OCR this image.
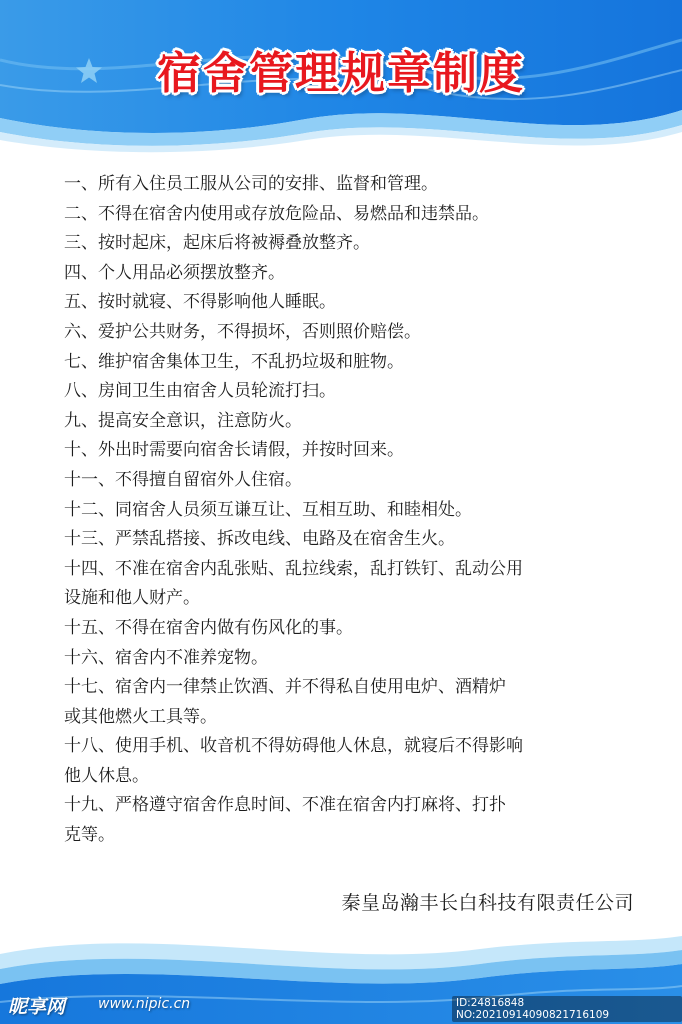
宿舍管理规章制度
一、所有入住员工服从公司的安排、监督和管理。
二、不得在宿舍内使用或存放危险品、易燃品和违禁品。
三、按时起床，起床后将被褥叠放整齐。
四、个人用品必须摆放整齐。
五、按时就寝、不得影响他人睡眠。
六、爱护公共财务，不得损坏，否则照价赔偿。
七、维护宿舍集体卫生，不乱扔垃圾和脏物。
八、房间卫生由宿舍人员轮流打扫。
九、提高安全意识，注意防火。
十、外出时需要向宿舍长请假，并按时回来。
十一、不得擅自留宿外人住宿。
十二、同宿舍人员须互谦互让、互相互助、和睦相处。
十三、严禁乱搭接、拆改电线、电路及在宿舍生火。
十四、不准在宿舍内乱张贴、乱拉线索，乱打铁钉、乱动公用
设施和他人财产。
十五、不得在宿舍内做有伤风化的事。
十六、宿舍内不准养宠物。
十七、宿舍内一律禁止饮酒、并不得私自使用电炉、酒精炉
或其他燃火工具等。
十八、使用手机、收音机不得妨碍他人休息，就寝后不得影响
他人休息。
十九、严格遵守宿舍作息时间、不准在宿舍内打麻将、打扑
克等。
秦皇岛瀚丰长白科技有限责任公司
昵享网 www.nipic.cn	ID:24816848 NO:20210914090821716109
